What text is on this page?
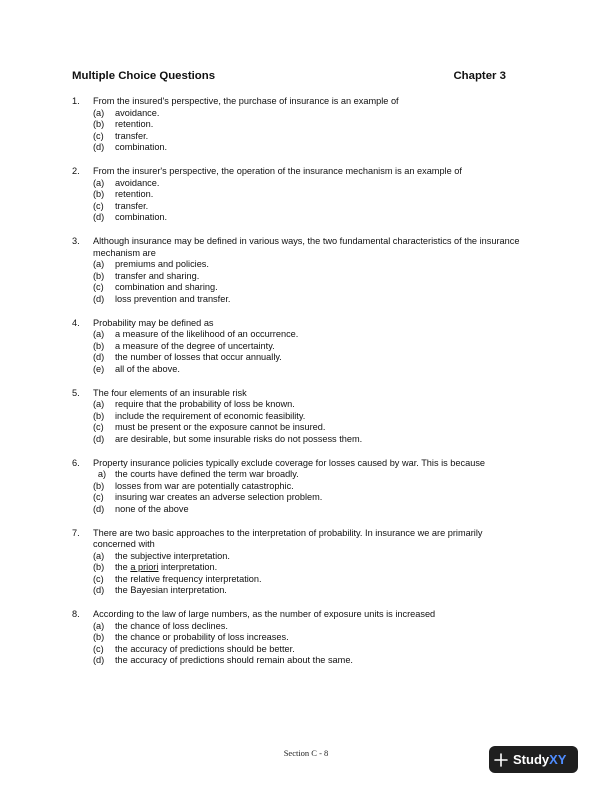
Multiple Choice Questions	Chapter 3
1.	From the insured's perspective, the purchase of insurance is an example of
(a)	avoidance.
(b)	retention.
(c)	transfer.
(d)	combination.
2.	From the insurer's perspective, the operation of the insurance mechanism is an example of
(a)	avoidance.
(b)	retention.
(c)	transfer.
(d)	combination.
3.	Although insurance may be defined in various ways, the two fundamental characteristics of the insurance mechanism are
(a)	premiums and policies.
(b)	transfer and sharing.
(c)	combination and sharing.
(d)	loss prevention and transfer.
4.	Probability may be defined as
(a)	a measure of the likelihood of an occurrence.
(b)	a measure of the degree of uncertainty.
(d)	the number of losses that occur annually.
(e)	all of the above.
5.	The four elements of an insurable risk
(a)	require that the probability of loss be known.
(b)	include the requirement of economic feasibility.
(c)	must be present or the exposure cannot be insured.
(d)	are desirable, but some insurable risks do not possess them.
6.	Property insurance policies typically exclude coverage for losses caused by war. This is because
a) the courts have defined the term war broadly.
(b)	losses from war are potentially catastrophic.
(c)	insuring war creates an adverse selection problem.
(d)	none of the above
7.	There are two basic approaches to the interpretation of probability. In insurance we are primarily concerned with
(a)	the subjective interpretation.
(b)	the a priori interpretation.
(c)	the relative frequency interpretation.
(d)	the Bayesian interpretation.
8.	According to the law of large numbers, as the number of exposure units is increased
(a)	the chance of loss declines.
(b)	the chance or probability of loss increases.
(c)	the accuracy of predictions should be better.
(d)	the accuracy of predictions should remain about the same.
Section C - 8	StudyXY
